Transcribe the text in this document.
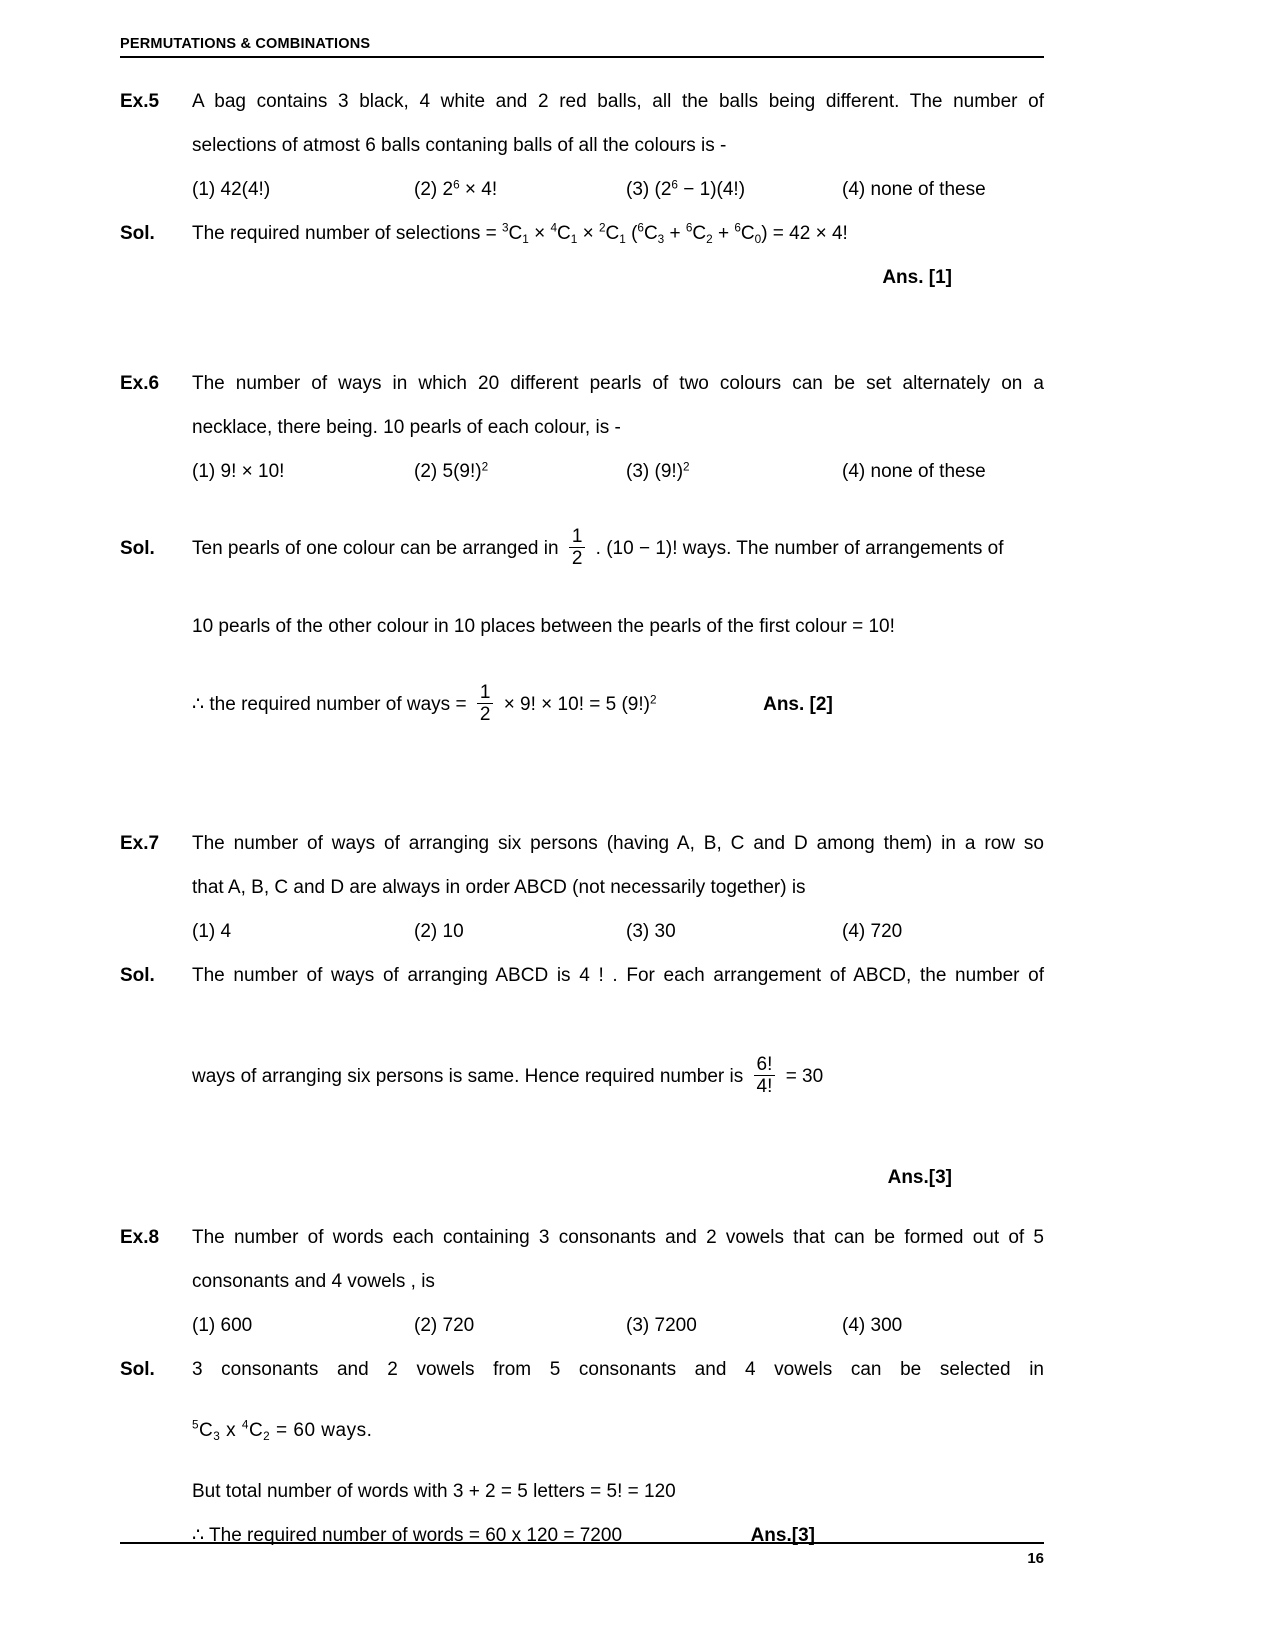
PERMUTATIONS & COMBINATIONS
Ex.5	A bag contains 3 black, 4 white and 2 red balls, all the balls being different. The number of
selections of atmost 6 balls contaning balls of all the colours is -
(1) 42(4!)	(2) $2^6 \times 4$!	(3) $(2^6 - 1)(4!)$	(4) none of these
Sol.	The required number of selections = $^3C_1 \times ^4C_1 \times ^2C_1$ $(^6C_3 + ^6C_2 + ^6C_0) = 42 \times 4$!
Ans. [1]
Ex.6	The number of ways in which 20 different pearls of two colours can be set alternately on a
necklace, there being. 10 pearls of each colour, is -
(1) 9! × 10!	(2) $5(9!)^2$	(3) $(9!)^2$	(4) none of these
Sol.	Ten pearls of one colour can be arranged in $\frac{1}{2}$ . (10 − 1)! ways. The number of arrangements of
10 pearls of the other colour in 10 places between the pearls of the first colour = 10!
∴ the required number of ways = $\frac{1}{2} \times 9$! × 10! = 5 $(9!)^2$	Ans. [2]
Ex.7	The number of ways of arranging six persons (having A, B, C and D among them) in a row so
that A, B, C and D are always in order ABCD (not necessarily together) is
(1) 4	(2) 10	(3) 30	(4) 720
Sol.	The number of ways of arranging ABCD is 4 ! . For each arrangement of ABCD, the number of
ways of arranging six persons is same. Hence required number is $\frac{6!}{4!} = 30$
Ans.[3]
Ex.8	The number of words each containing 3 consonants and 2 vowels that can be formed out of 5
consonants and 4 vowels , is
(1) 600	(2) 720	(3) 7200	(4) 300
Sol.	3 consonants and 2 vowels from 5 consonants and 4 vowels can be selected in
$^5C_3$ x $^4C_2 = 60$ ways.
But total number of words with 3 + 2 = 5 letters = 5! = 120
∴ The required number of words = 60 x 120 = 7200	Ans.[3]
16
